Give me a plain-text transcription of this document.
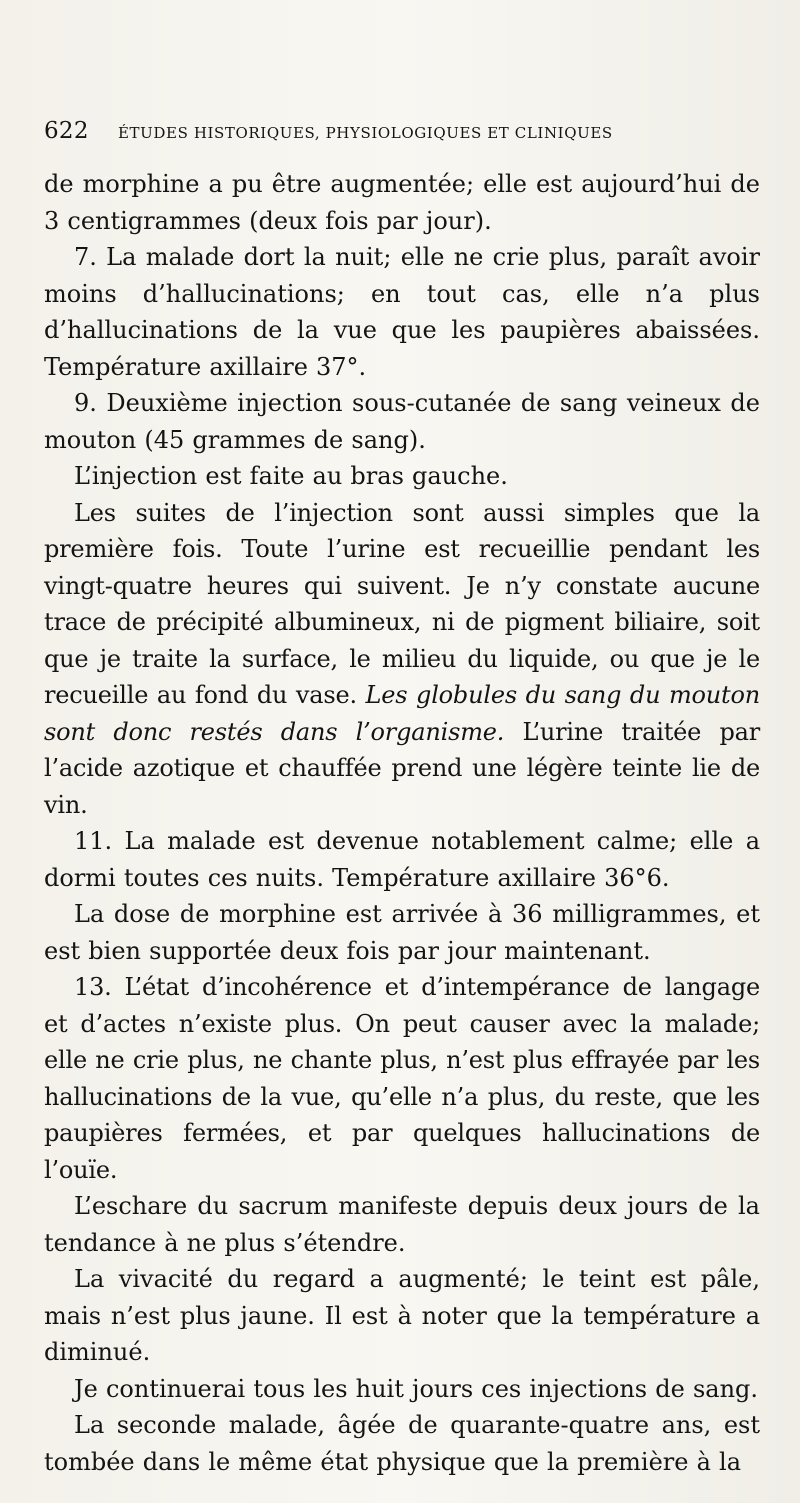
622	ÉTUDES HISTORIQUES, PHYSIOLOGIQUES ET CLINIQUES

de morphine a pu être augmentée; elle est aujourd’hui de 3 centigrammes (deux fois par jour).

7. La malade dort la nuit; elle ne crie plus, paraît avoir moins d’hallucinations; en tout cas, elle n’a plus d’hallucinations de la vue que les paupières abaissées. Température axillaire 37°.

9. Deuxième injection sous-cutanée de sang veineux de mouton (45 grammes de sang).

L’injection est faite au bras gauche.

Les suites de l’injection sont aussi simples que la première fois. Toute l’urine est recueillie pendant les vingt-quatre heures qui suivent. Je n’y constate aucune trace de précipité albumineux, ni de pigment biliaire, soit que je traite la surface, le milieu du liquide, ou que je le recueille au fond du vase. Les globules du sang du mouton sont donc restés dans l’organisme. L’urine traitée par l’acide azotique et chauffée prend une légère teinte lie de vin.

11. La malade est devenue notablement calme; elle a dormi toutes ces nuits. Température axillaire 36°6.

La dose de morphine est arrivée à 36 milligrammes, et est bien supportée deux fois par jour maintenant.

13. L’état d’incohérence et d’intempérance de langage et d’actes n’existe plus. On peut causer avec la malade; elle ne crie plus, ne chante plus, n’est plus effrayée par les hallucinations de la vue, qu’elle n’a plus, du reste, que les paupières fermées, et par quelques hallucinations de l’ouïe.

L’eschare du sacrum manifeste depuis deux jours de la tendance à ne plus s’étendre.

La vivacité du regard a augmenté; le teint est pâle, mais n’est plus jaune. Il est à noter que la température a diminué.

Je continuerai tous les huit jours ces injections de sang.

La seconde malade, âgée de quarante-quatre ans, est tombée dans le même état physique que la première à la
